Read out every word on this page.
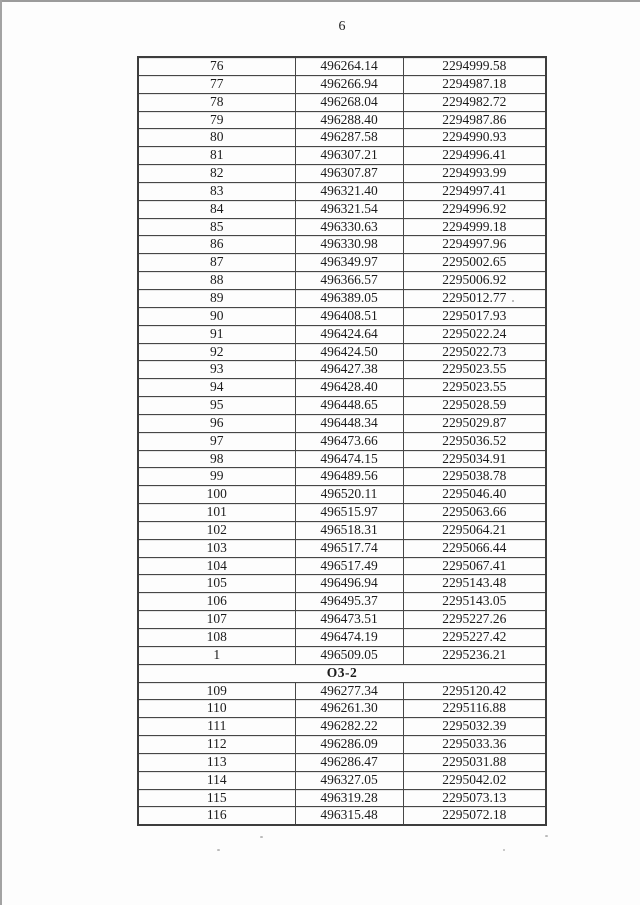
6
76	496264.14	2294999.58
77	496266.94	2294987.18
78	496268.04	2294982.72
79	496288.40	2294987.86
80	496287.58	2294990.93
81	496307.21	2294996.41
82	496307.87	2294993.99
83	496321.40	2294997.41
84	496321.54	2294996.92
85	496330.63	2294999.18
86	496330.98	2294997.96
87	496349.97	2295002.65
88	496366.57	2295006.92
89	496389.05	2295012.77
90	496408.51	2295017.93
91	496424.64	2295022.24
92	496424.50	2295022.73
93	496427.38	2295023.55
94	496428.40	2295023.55
95	496448.65	2295028.59
96	496448.34	2295029.87
97	496473.66	2295036.52
98	496474.15	2295034.91
99	496489.56	2295038.78
100	496520.11	2295046.40
101	496515.97	2295063.66
102	496518.31	2295064.21
103	496517.74	2295066.44
104	496517.49	2295067.41
105	496496.94	2295143.48
106	496495.37	2295143.05
107	496473.51	2295227.26
108	496474.19	2295227.42
1	496509.05	2295236.21
О3-2		
109	496277.34	2295120.42
110	496261.30	2295116.88
111	496282.22	2295032.39
112	496286.09	2295033.36
113	496286.47	2295031.88
114	496327.05	2295042.02
115	496319.28	2295073.13
116	496315.48	2295072.18
